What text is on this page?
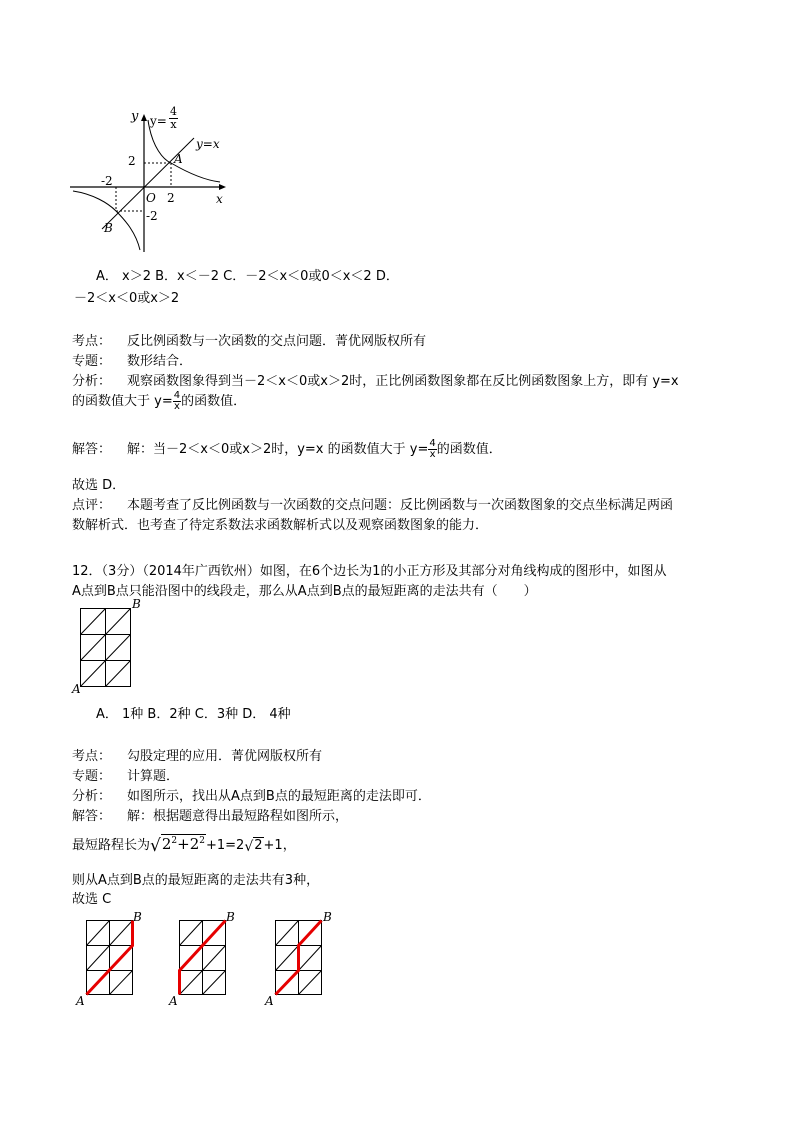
y $y= \frac{4}{x}$
y=x
2	A
-2
O 2	x
-2
B
A． x＞2 B．x＜－2 C．－2＜x＜0或0＜x＜2 D．
－2＜x＜0或x＞2
考点： 反比例函数与一次函数的交点问题．菁优网版权所有
专题： 数形结合．
分析： 观察函数图象得到当－2＜x＜0或x＞2时，正比例函数图象都在反比例函数图象上方，即有 y=x
的函数值大于 $y= \frac{4}{x}$ 的函数值．
解答： 解：当－2＜x＜0或x＞2时，y=x 的函数值大于 $y= \frac{4}{x}$ 的函数值．
故选 D．
点评： 本题考查了反比例函数与一次函数的交点问题：反比例函数与一次函数图象的交点坐标满足两函
数解析式．也考查了待定系数法求函数解析式以及观察函数图象的能力．
12．（3分）（2014年广西钦州）如图，在6个边长为1的小正方形及其部分对角线构成的图形中，如图从
A点到B点只能沿图中的线段走，那么从A点到B点的最短距离的走法共有（　　）
B
A
A． 1种 B．2种 C．3种 D． 4种
考点： 勾股定理的应用．菁优网版权所有
专题： 计算题．
分析： 如图所示，找出从A点到B点的最短距离的走法即可．
解答： 解：根据题意得出最短路程如图所示，
最短路程长为$√2^2+2^2+1=2√2+1$，
则从A点到B点的最短距离的走法共有3种，
故选 C
B
A
B
A
B
A
